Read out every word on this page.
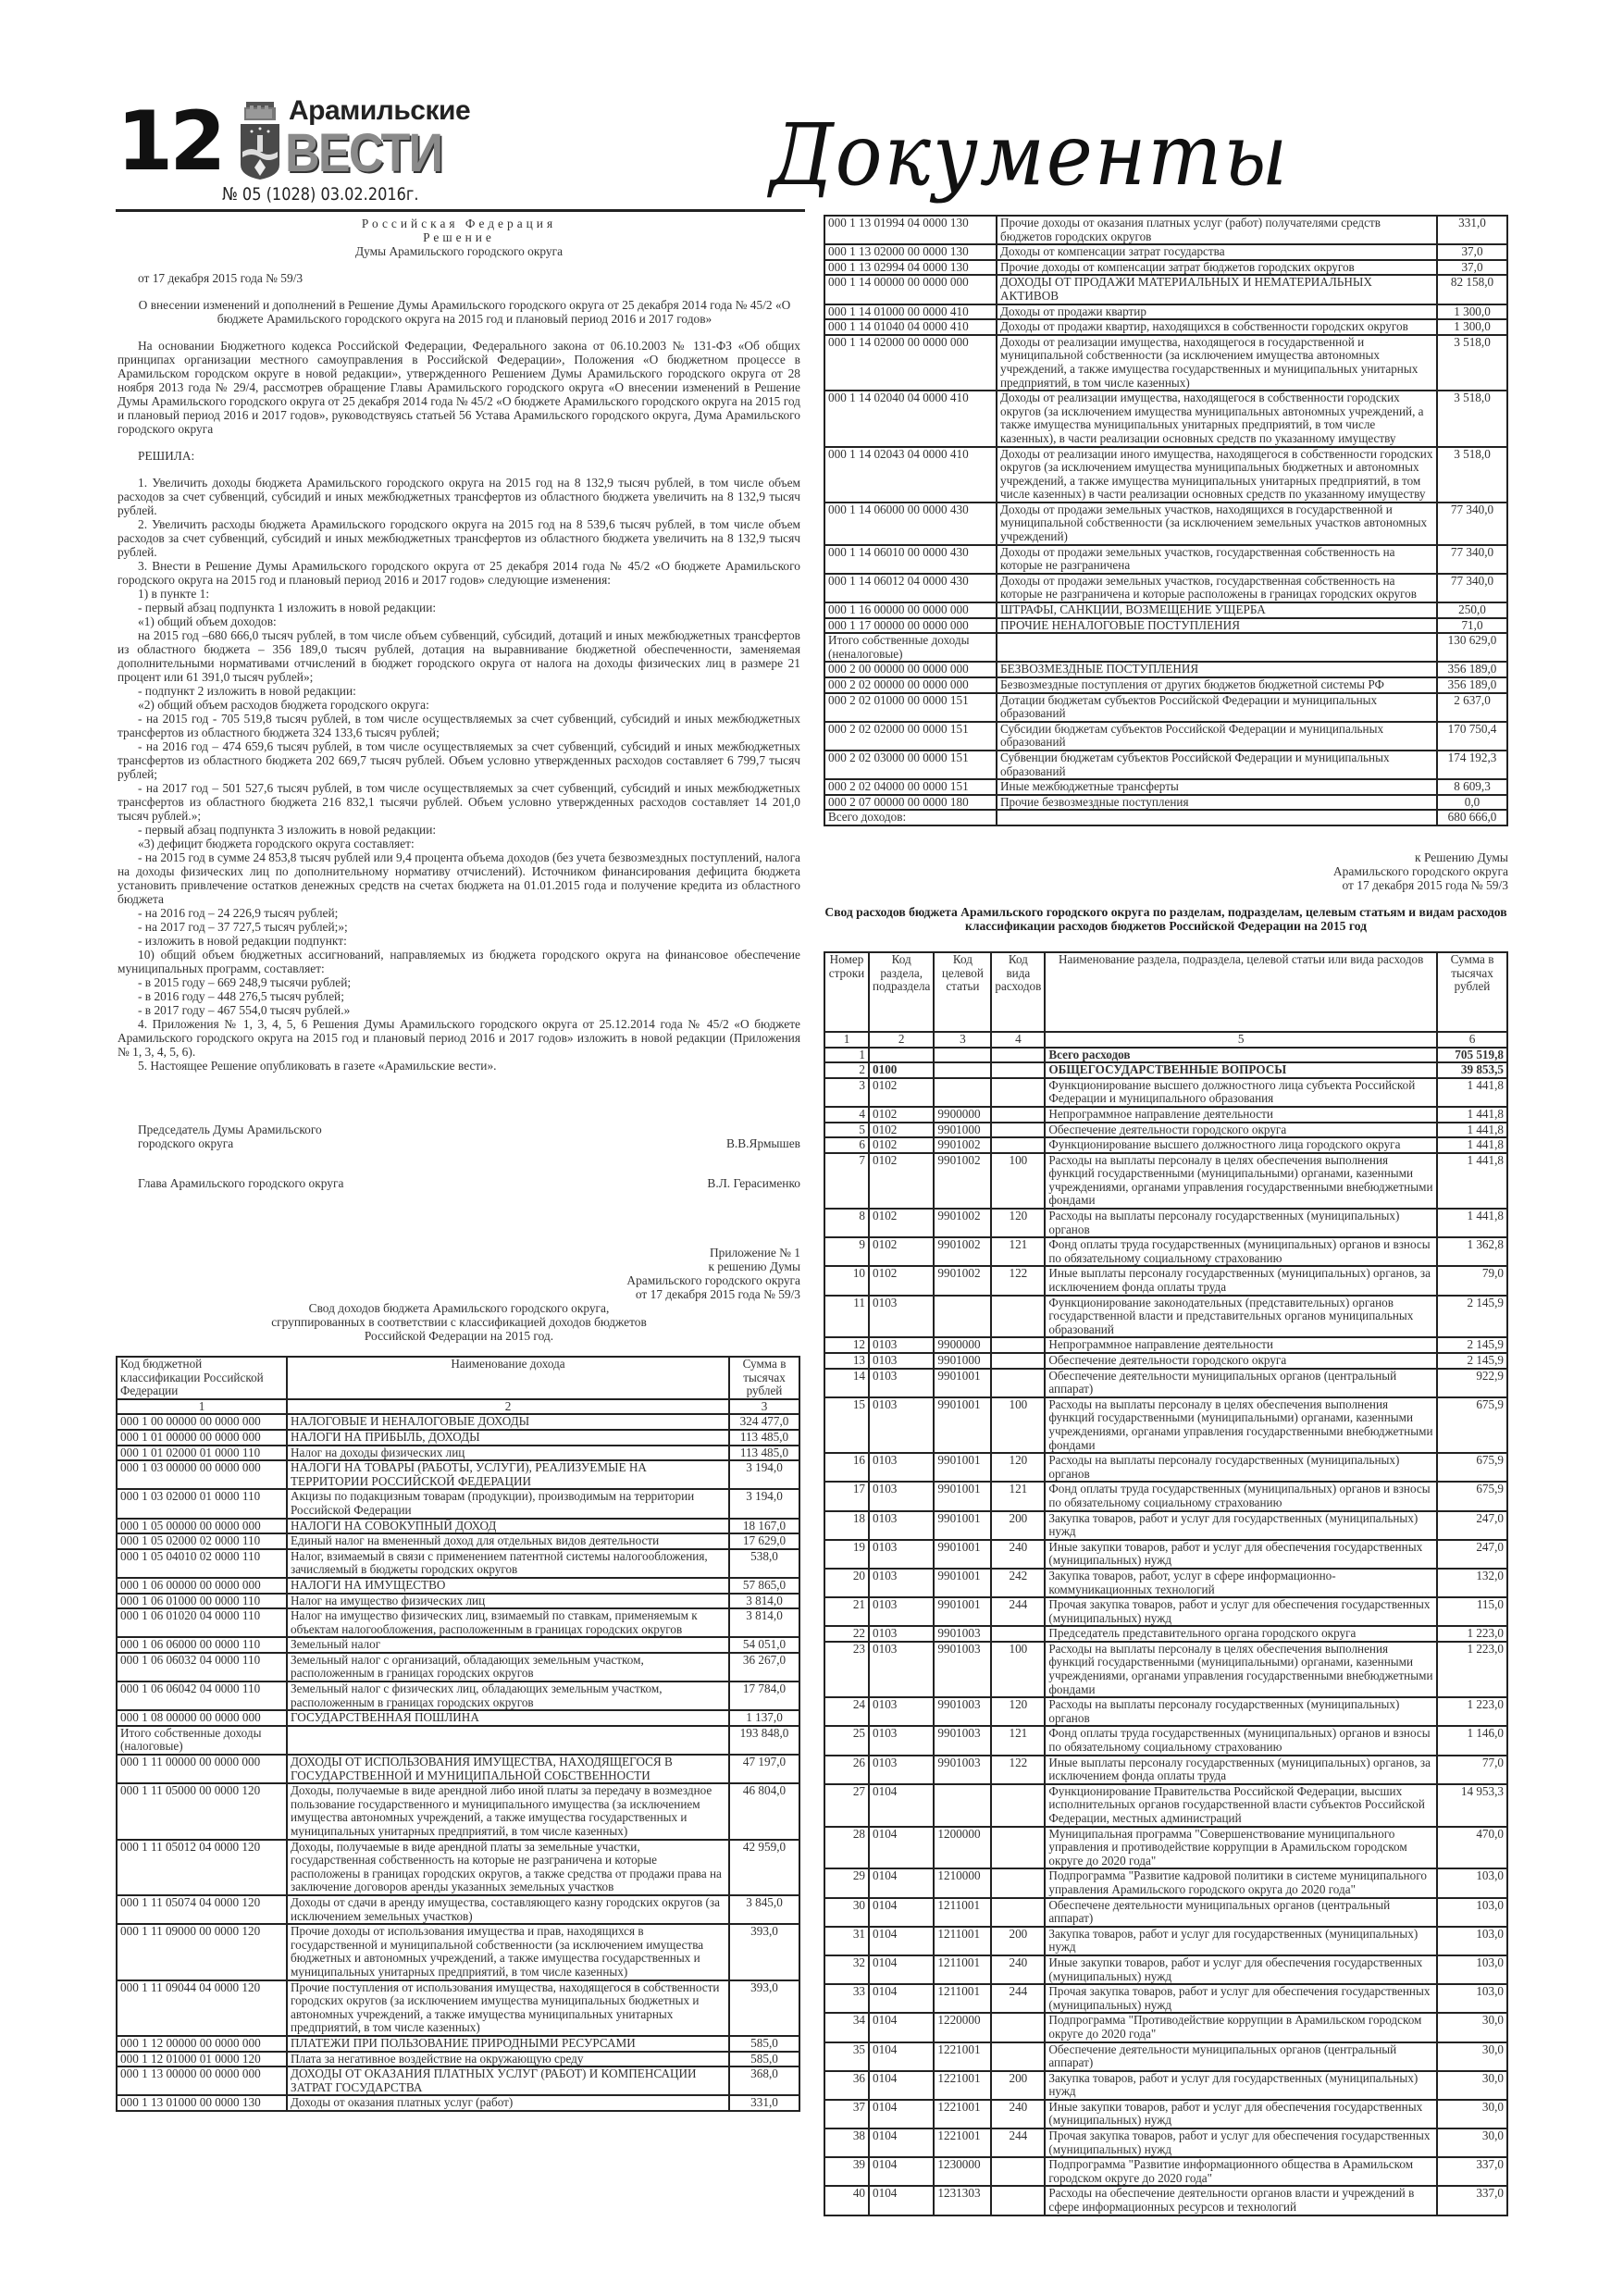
12 Арамильские
ВЕСТИ
№ 05 (1028) 03.02.2016г.	Документы
Российская Федерация
Решение
Думы Арамильского городского округа
от 17 декабря 2015 года № 59/3
О внесении изменений и дополнений в Решение Думы Арамильского городского округа от 25 декабря 2014 года № 45/2 «О бюджете Арамильского городского округа на 2015 год и плановый период 2016 и 2017 годов»

На основании Бюджетного кодекса Российской Федерации, Федерального закона от 06.10.2003 № 131-ФЗ «Об общих принципах организации местного самоуправления в Российской Федерации», Положения «О бюджетном процессе в Арамильском городском округе в новой редакции», утвержденного Решением Думы Арамильского городского округа от 28 ноября 2013 года № 29/4, рассмотрев обращение Главы Арамильского городского округа «О внесении изменений в Решение Думы Арамильского городского округа от 25 декабря 2014 года № 45/2 «О бюджете Арамильского городского округа на 2015 год и плановый период 2016 и 2017 годов», руководствуясь статьей 56 Устава Арамильского городского округа, Дума Арамильского городского округа

РЕШИЛА:

1. Увеличить доходы бюджета Арамильского городского округа на 2015 год на 8 132,9 тысяч рублей, в том числе объем расходов за счет субвенций, субсидий и иных межбюджетных трансфертов из областного бюджета увеличить на 8 132,9 тысяч рублей.

2. Увеличить расходы бюджета Арамильского городского округа на 2015 год на 8 539,6 тысяч рублей, в том числе объем расходов за счет субвенций, субсидий и иных межбюджетных трансфертов из областного бюджета увеличить на 8 132,9 тысяч рублей.

3. Внести в Решение Думы Арамильского городского округа от 25 декабря 2014 года № 45/2 «О бюджете Арамильского городского округа на 2015 год и плановый период 2016 и 2017 годов» следующие изменения:

1) в пункте 1:

- первый абзац подпункта 1 изложить в новой редакции:

«1) общий объем доходов:

на 2015 год –680 666,0 тысяч рублей, в том числе объем субвенций, субсидий, дотаций и иных межбюджетных трансфертов из областного бюджета – 356 189,0 тысяч рублей, дотация на выравнивание бюджетной обеспеченности, заменяемая дополнительными нормативами отчислений в бюджет городского округа от налога на доходы физических лиц в размере 21 процент или 61 391,0 тысяч рублей»;

- подпункт 2 изложить в новой редакции:

«2) общий объем расходов бюджета городского округа:

- на 2015 год - 705 519,8 тысяч рублей, в том числе осуществляемых за счет субвенций, субсидий и иных межбюджетных трансфертов из областного бюджета 324 133,6 тысяч рублей;

- на 2016 год – 474 659,6 тысяч рублей, в том числе осуществляемых за счет субвенций, субсидий и иных межбюджетных трансфертов из областного бюджета 202 669,7 тысяч рублей. Объем условно утвержденных расходов составляет 6 799,7 тысяч рублей;

- на 2017 год – 501 527,6 тысяч рублей, в том числе осуществляемых за счет субвенций, субсидий и иных межбюджетных трансфертов из областного бюджета 216 832,1 тысячи рублей. Объем условно утвержденных расходов составляет 14 201,0 тысяч рублей.»;

- первый абзац подпункта 3 изложить в новой редакции:

«3) дефицит бюджета городского округа составляет:

- на 2015 год в сумме 24 853,8 тысяч рублей или 9,4 процента объема доходов (без учета безвозмездных поступлений, налога на доходы физических лиц по дополнительному нормативу отчислений). Источником финансирования дефицита бюджета установить привлечение остатков денежных средств на счетах бюджета на 01.01.2015 года и получение кредита из областного бюджета

- на 2016 год – 24 226,9 тысяч рублей;

- на 2017 год – 37 727,5 тысяч рублей;»;

- изложить в новой редакции подпункт:

10) общий объем бюджетных ассигнований, направляемых из бюджета городского округа на финансовое обеспечение муниципальных программ, составляет:

- в 2015 году – 669 248,9 тысячи рублей;

- в 2016 году – 448 276,5 тысяч рублей;

- в 2017 году – 467 554,0 тысяч рублей.»

4. Приложения № 1, 3, 4, 5, 6 Решения Думы Арамильского городского округа от 25.12.2014 года № 45/2 «О бюджете Арамильского городского округа на 2015 год и плановый период 2016 и 2017 годов» изложить в новой редакции (Приложения № 1, 3, 4, 5, 6).

5. Настоящее Решение опубликовать в газете «Арамильские вести».

Председатель Думы Арамильского
городского округа	В.В.Ярмышев
Глава Арамильского городского округа	В.Л. Герасименко
Приложение № 1
к решению Думы
Арамильского городского округа
от 17 декабря 2015 года № 59/3
Свод доходов бюджета Арамильского городского округа,
сгруппированных в соответствии с классификацией доходов бюджетов
Российской Федерации на 2015 год.
Код бюджетной классификации Российской Федерации	Наименование дохода	Сумма в тысячах рублей
1	2	3
000 1 00 00000 00 0000 000	НАЛОГОВЫЕ И НЕНАЛОГОВЫЕ ДОХОДЫ	324 477,0
000 1 01 00000 00 0000 000	НАЛОГИ НА ПРИБЫЛЬ, ДОХОДЫ	113 485,0
000 1 01 02000 01 0000 110	Налог на доходы физических лиц	113 485,0
000 1 03 00000 00 0000 000	НАЛОГИ НА ТОВАРЫ (РАБОТЫ, УСЛУГИ), РЕАЛИЗУЕМЫЕ НА ТЕРРИТОРИИ РОССИЙСКОЙ ФЕДЕРАЦИИ	3 194,0
000 1 03 02000 01 0000 110	Акцизы по подакцизным товарам (продукции), производимым на территории Российской Федерации	3 194,0
000 1 05 00000 00 0000 000	НАЛОГИ НА СОВОКУПНЫЙ ДОХОД	18 167,0
000 1 05 02000 02 0000 110	Единый налог на вмененный доход для отдельных видов деятельности	17 629,0
000 1 05 04010 02 0000 110	Налог, взимаемый в связи с применением патентной системы налогообложения, зачисляемый в бюджеты городских округов	538,0
000 1 06 00000 00 0000 000	НАЛОГИ НА ИМУЩЕСТВО	57 865,0
000 1 06 01000 00 0000 110	Налог на имущество физических лиц	3 814,0
000 1 06 01020 04 0000 110	Налог на имущество физических лиц, взимаемый по ставкам, применяемым к объектам налогообложения, расположенным в границах городских округов	3 814,0
000 1 06 06000 00 0000 110	Земельный налог	54 051,0
000 1 06 06032 04 0000 110	Земельный налог с организаций, обладающих земельным участком, расположенным в границах городских округов	36 267,0
000 1 06 06042 04 0000 110	Земельный налог с физических лиц, обладающих земельным участком, расположенным в границах городских округов	17 784,0
000 1 08 00000 00 0000 000	ГОСУДАРСТВЕННАЯ ПОШЛИНА	1 137,0
Итого собственные доходы (налоговые)		193 848,0
000 1 11 00000 00 0000 000	ДОХОДЫ ОТ ИСПОЛЬЗОВАНИЯ ИМУЩЕСТВА, НАХОДЯЩЕГОСЯ В ГОСУДАРСТВЕННОЙ И МУНИЦИПАЛЬНОЙ СОБСТВЕННОСТИ	47 197,0
000 1 11 05000 00 0000 120	Доходы, получаемые в виде арендной либо иной платы за передачу в возмездное пользование государственного и муниципального имущества (за исключением имущества автономных учреждений, а также имущества государственных и муниципальных унитарных предприятий, в том числе казенных)	46 804,0
000 1 11 05012 04 0000 120	Доходы, получаемые в виде арендной платы за земельные участки, государственная собственность на которые не разграничена и которые расположены в границах городских округов, а также средства от продажи права на заключение договоров аренды указанных земельных участков	42 959,0
000 1 11 05074 04 0000 120	Доходы от сдачи в аренду имущества, составляющего казну городских округов (за исключением земельных участков)	3 845,0
000 1 11 09000 00 0000 120	Прочие доходы от использования имущества и прав, находящихся в государственной и муниципальной собственности (за исключением имущества бюджетных и автономных учреждений, а также имущества государственных и муниципальных унитарных предприятий, в том числе казенных)	393,0
000 1 11 09044 04 0000 120	Прочие поступления от использования имущества, находящегося в собственности городских округов (за исключением имущества муниципальных бюджетных и автономных учреждений, а также имущества муниципальных унитарных предприятий, в том числе казенных)	393,0
000 1 12 00000 00 0000 000	ПЛАТЕЖИ ПРИ ПОЛЬЗОВАНИЕ ПРИРОДНЫМИ РЕСУРСАМИ	585,0
000 1 12 01000 01 0000 120	Плата за негативное воздействие на окружающую среду	585,0
000 1 13 00000 00 0000 000	ДОХОДЫ ОТ ОКАЗАНИЯ ПЛАТНЫХ УСЛУГ (РАБОТ) И КОМПЕНСАЦИИ ЗАТРАТ ГОСУДАРСТВА	368,0
000 1 13 01000 00 0000 130	Доходы от оказания платных услуг (работ)	331,0
000 1 13 01994 04 0000 130	Прочие доходы от оказания платных услуг (работ) получателями средств бюджетов городских округов	331,0
000 1 13 02000 00 0000 130	Доходы от компенсации затрат государства	37,0
000 1 13 02994 04 0000 130	Прочие доходы от компенсации затрат бюджетов городских округов	37,0
000 1 14 00000 00 0000 000	ДОХОДЫ ОТ ПРОДАЖИ МАТЕРИАЛЬНЫХ И НЕМАТЕРИАЛЬНЫХ АКТИВОВ	82 158,0
000 1 14 01000 00 0000 410	Доходы от продажи квартир	1 300,0
000 1 14 01040 04 0000 410	Доходы от продажи квартир, находящихся в собственности городских округов	1 300,0
000 1 14 02000 00 0000 000	Доходы от реализации имущества, находящегося в государственной и муниципальной собственности (за исключением имущества автономных учреждений, а также имущества государственных и муниципальных унитарных предприятий, в том числе казенных)	3 518,0
000 1 14 02040 04 0000 410	Доходы от реализации имущества, находящегося в собственности городских округов (за исключением имущества муниципальных автономных учреждений, а также имущества муниципальных унитарных предприятий, в том числе казенных), в части реализации основных средств по указанному имуществу	3 518,0
000 1 14 02043 04 0000 410	Доходы от реализации иного имущества, находящегося в собственности городских округов (за исключением имущества муниципальных бюджетных и автономных учреждений, а также имущества муниципальных унитарных предприятий, в том числе казенных) в части реализации основных средств по указанному имуществу	3 518,0
000 1 14 06000 00 0000 430	Доходы от продажи земельных участков, находящихся в государственной и муниципальной собственности (за исключением земельных участков автономных учреждений)	77 340,0
000 1 14 06010 00 0000 430	Доходы от продажи земельных участков, государственная собственность на которые не разграничена	77 340,0
000 1 14 06012 04 0000 430	Доходы от продажи земельных участков, государственная собственность на которые не разграничена и которые расположены в границах городских округов	77 340,0
000 1 16 00000 00 0000 000	ШТРАФЫ, САНКЦИИ, ВОЗМЕЩЕНИЕ УЩЕРБА	250,0
000 1 17 00000 00 0000 000	ПРОЧИЕ НЕНАЛОГОВЫЕ ПОСТУПЛЕНИЯ	71,0
Итого собственные доходы (неналоговые)		130 629,0
000 2 00 00000 00 0000 000	БЕЗВОЗМЕЗДНЫЕ ПОСТУПЛЕНИЯ	356 189,0
000 2 02 00000 00 0000 000	Безвозмездные поступления от других бюджетов бюджетной системы РФ	356 189,0
000 2 02 01000 00 0000 151	Дотации бюджетам субъектов Российской Федерации и муниципальных образований	2 637,0
000 2 02 02000 00 0000 151	Субсидии бюджетам субъектов Российской Федерации и муниципальных образований	170 750,4
000 2 02 03000 00 0000 151	Субвенции бюджетам субъектов Российской Федерации и муниципальных образований	174 192,3
000 2 02 04000 00 0000 151	Иные межбюджетные трансферты	8 609,3
000 2 07 00000 00 0000 180	Прочие безвозмездные поступления	0,0
Всего доходов:		680 666,0
к Решению Думы
Арамильского городского округа
от 17 декабря 2015 года № 59/3
Свод расходов бюджета Арамильского городского округа по разделам, подразделам, целевым статьям и видам расходов классификации расходов бюджетов Российской Федерации на 2015 год
Номер строки	Код раздела, подраздела	Код целевой статьи	Код вида расходов	Наименование раздела, подраздела, целевой статьи или вида расходов	Сумма в тысячах рублей
1	2	3	4	5	6
1				Всего расходов	705 519,8
2	0100			ОБЩЕГОСУДАРСТВЕННЫЕ ВОПРОСЫ	39 853,5
3	0102			Функционирование высшего должностного лица субъекта Российской Федерации и муниципального образования	1 441,8
4	0102	9900000		Непрограммное направление деятельности	1 441,8
5	0102	9901000		Обеспечение деятельности городского округа	1 441,8
6	0102	9901002		Функционирование высшего должностного лица городского округа	1 441,8
7	0102	9901002	100	Расходы на выплаты персоналу в целях обеспечения выполнения функций государственными (муниципальными) органами, казенными учреждениями, органами управления государственными внебюджетными фондами	1 441,8
8	0102	9901002	120	Расходы на выплаты персоналу государственных (муниципальных) органов	1 441,8
9	0102	9901002	121	Фонд оплаты труда государственных (муниципальных) органов и взносы по обязательному социальному страхованию	1 362,8
10	0102	9901002	122	Иные выплаты персоналу государственных (муниципальных) органов, за исключением фонда оплаты труда	79,0
11	0103			Функционирование законодательных (представительных) органов государственной власти и представительных органов муниципальных образований	2 145,9
12	0103	9900000		Непрограммное направление деятельности	2 145,9
13	0103	9901000		Обеспечение деятельности городского округа	2 145,9
14	0103	9901001		Обеспечение деятельности муниципальных органов (центральный аппарат)	922,9
15	0103	9901001	100	Расходы на выплаты персоналу в целях обеспечения выполнения функций государственными (муниципальными) органами, казенными учреждениями, органами управления государственными внебюджетными фондами	675,9
16	0103	9901001	120	Расходы на выплаты персоналу государственных (муниципальных) органов	675,9
17	0103	9901001	121	Фонд оплаты труда государственных (муниципальных) органов и взносы по обязательному социальному страхованию	675,9
18	0103	9901001	200	Закупка товаров, работ и услуг для государственных (муниципальных) нужд	247,0
19	0103	9901001	240	Иные закупки товаров, работ и услуг для обеспечения государственных (муниципальных) нужд	247,0
20	0103	9901001	242	Закупка товаров, работ, услуг в сфере информационно-коммуникационных технологий	132,0
21	0103	9901001	244	Прочая закупка товаров, работ и услуг для обеспечения государственных (муниципальных) нужд	115,0
22	0103	9901003		Председатель представительного органа городского округа	1 223,0
23	0103	9901003	100	Расходы на выплаты персоналу в целях обеспечения выполнения функций государственными (муниципальными) органами, казенными учреждениями, органами управления государственными внебюджетными фондами	1 223,0
24	0103	9901003	120	Расходы на выплаты персоналу государственных (муниципальных) органов	1 223,0
25	0103	9901003	121	Фонд оплаты труда государственных (муниципальных) органов и взносы по обязательному социальному страхованию	1 146,0
26	0103	9901003	122	Иные выплаты персоналу государственных (муниципальных) органов, за исключением фонда оплаты труда	77,0
27	0104			Функционирование Правительства Российской Федерации, высших исполнительных органов государственной власти субъектов Российской Федерации, местных администраций	14 953,3
28	0104	1200000		Муниципальная программа "Совершенствование муниципального управления и противодействие коррупции в Арамильском городском округе до 2020 года"	470,0
29	0104	1210000		Подпрограмма "Развитие кадровой политики в системе муниципального управления Арамильского городского округа до 2020 года"	103,0
30	0104	1211001		Обеспечене деятельности муниципальных органов (центральный аппарат)	103,0
31	0104	1211001	200	Закупка товаров, работ и услуг для государственных (муниципальных) нужд	103,0
32	0104	1211001	240	Иные закупки товаров, работ и услуг для обеспечения государственных (муниципальных) нужд	103,0
33	0104	1211001	244	Прочая закупка товаров, работ и услуг для обеспечения государственных (муниципальных) нужд	103,0
34	0104	1220000		Подпрограмма "Противодействие коррупции в Арамильском городском округе до 2020 года"	30,0
35	0104	1221001		Обеспечение деятельности муниципальных органов (центральный аппарат)	30,0
36	0104	1221001	200	Закупка товаров, работ и услуг для государственных (муниципальных) нужд	30,0
37	0104	1221001	240	Иные закупки товаров, работ и услуг для обеспечения государственных (муниципальных) нужд	30,0
38	0104	1221001	244	Прочая закупка товаров, работ и услуг для обеспечения государственных (муниципальных) нужд	30,0
39	0104	1230000		Подпрограмма "Развитие информационного общества в Арамильском городском округе до 2020 года"	337,0
40	0104	1231303		Расходы на обеспечение деятельности органов власти и учреждений в сфере информационных ресурсов и технологий	337,0
